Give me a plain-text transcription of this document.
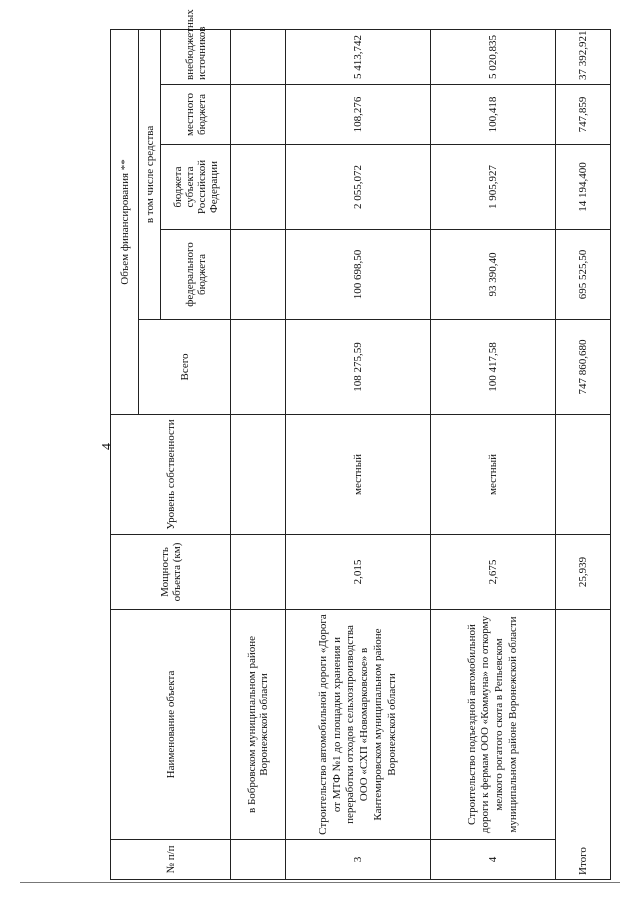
4
№ п/п	Наименование объекта	Мощность объекта (км)	Уровень собственности	Объем финансирования **				
				Всего	в том числе средства			
					федерального бюджета	бюджета субъекта Российской Федерации	местного бюджета	внебюджетных источников
	в Бобровском муниципальном районе Воронежской области							
3	Строительство автомобильной дороги «Дорога от МТФ №1 до площадки хранения и переработки отходов сельхозпроизводства ООО «СХП «Новомарковское» в Кантемировском муниципальном районе Воронежской области	2,015	местный	108 275,59	100 698,50	2 055,072	108,276	5 413,742
4	Строительство подъездной автомобильной дороги к фермам ООО «Коммуна» по откорму мелкого рогатого скота в Репьевском муниципальном районе Воронежской области	2,675	местный	100 417,58	93 390,40	1 905,927	100,418	5 020,835
Итого		25,939		747 860,680	695 525,50	14 194,400	747,859	37 392,921
